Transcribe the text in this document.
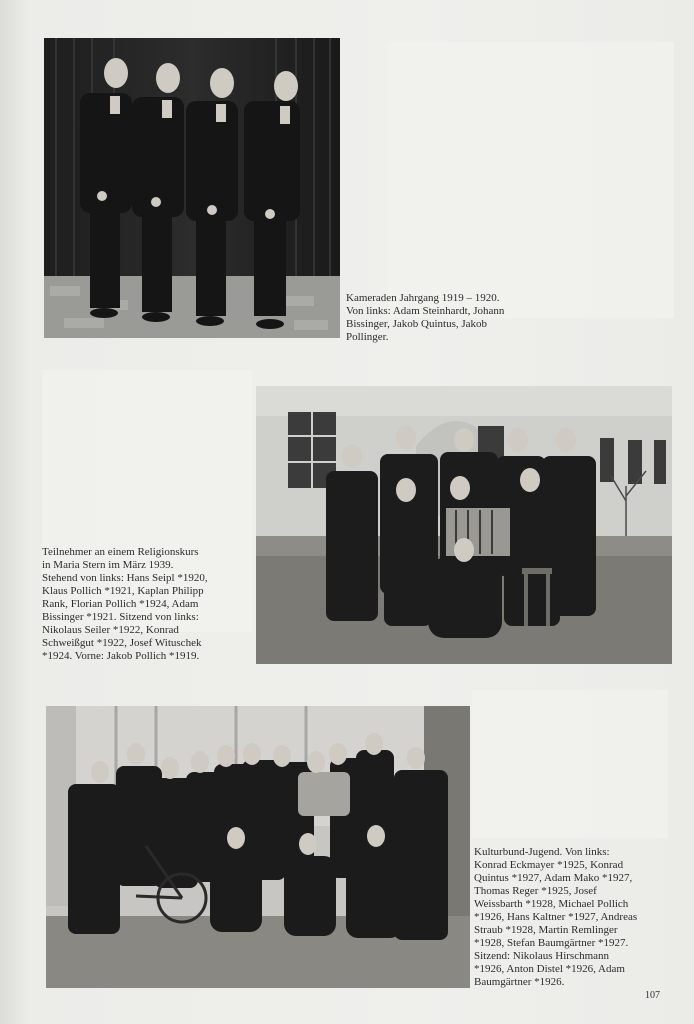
Kameraden Jahrgang 1919 – 1920.
Von links: Adam Steinhardt, Johann
Bissinger, Jakob Quintus, Jakob
Pollinger.
Teilnehmer an einem Religionskurs
in Maria Stern im März 1939.
Stehend von links: Hans Seipl *1920,
Klaus Pollich *1921, Kaplan Philipp
Rank, Florian Pollich *1924, Adam
Bissinger *1921. Sitzend von links:
Nikolaus Seiler *1922, Konrad
Schweißgut *1922, Josef Wituschek
*1924. Vorne: Jakob Pollich *1919.
Kulturbund-Jugend. Von links:
Konrad Eckmayer *1925, Konrad
Quintus *1927, Adam Mako *1927,
Thomas Reger *1925, Josef
Weissbarth *1928, Michael Pollich
*1926, Hans Kaltner *1927, Andreas
Straub *1928, Martin Remlinger
*1928, Stefan Baumgärtner *1927.
Sitzend: Nikolaus Hirschmann
*1926, Anton Distel *1926, Adam
Baumgärtner *1926.
107
